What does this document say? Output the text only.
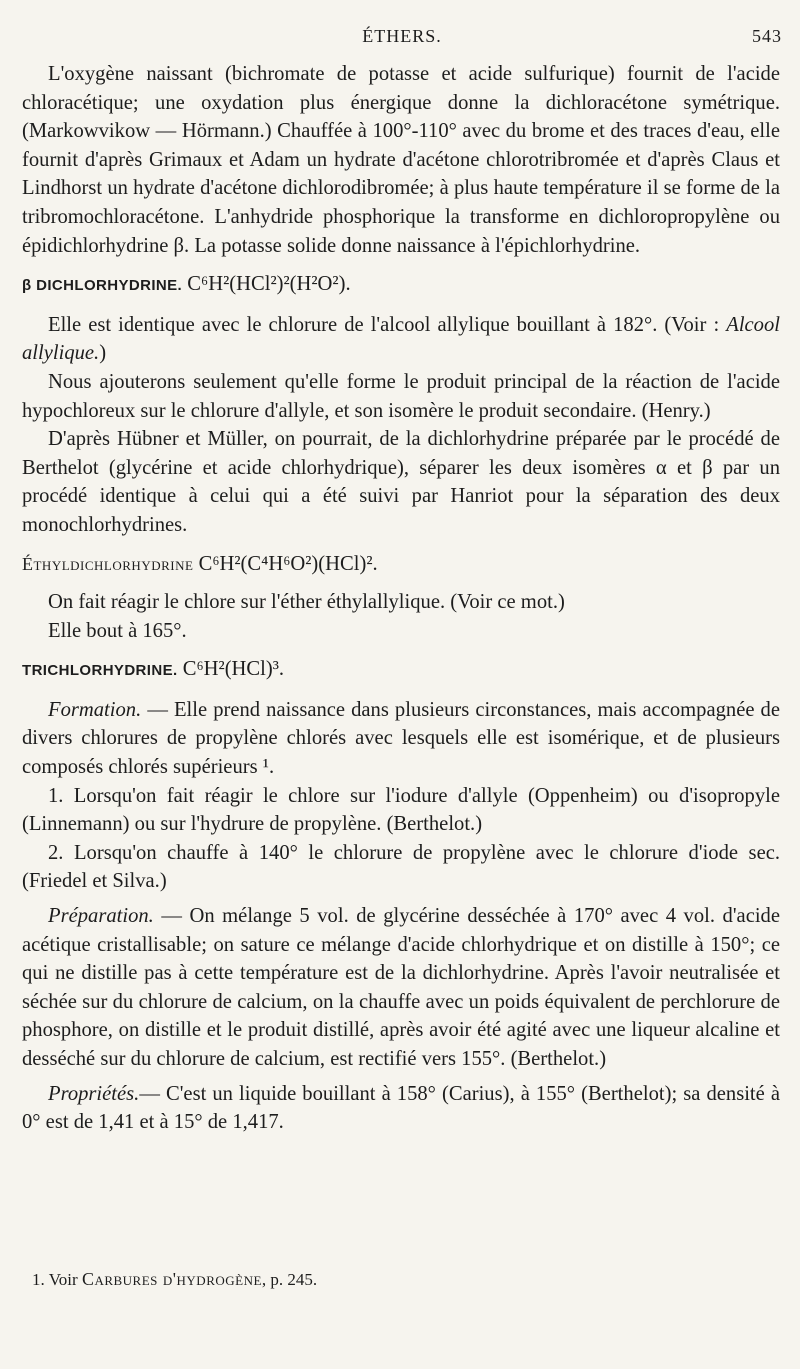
ÉTHERS.	543

L'oxygène naissant (bichromate de potasse et acide sulfurique) fournit de l'acide chloracétique; une oxydation plus énergique donne la dichloracétone symétrique. (Markowvikow — Hörmann.) Chauffée à 100°-110° avec du brome et des traces d'eau, elle fournit d'après Grimaux et Adam un hydrate d'acétone chlorotribromée et d'après Claus et Lindhorst un hydrate d'acétone dichlorodibromée; à plus haute température il se forme de la tribromochloracétone. L'anhydride phosphorique la transforme en dichloropropylène ou épidichlorhydrine β. La potasse solide donne naissance à l'épichlorhydrine.

β DICHLORHYDRINE. C⁶H²(HCl²)²(H²O²).

Elle est identique avec le chlorure de l'alcool allylique bouillant à 182°. (Voir : Alcool allylique.)

Nous ajouterons seulement qu'elle forme le produit principal de la réaction de l'acide hypochloreux sur le chlorure d'allyle, et son isomère le produit secondaire. (Henry.)

D'après Hübner et Müller, on pourrait, de la dichlorhydrine préparée par le procédé de Berthelot (glycérine et acide chlorhydrique), séparer les deux isomères α et β par un procédé identique à celui qui a été suivi par Hanriot pour la séparation des deux monochlorhydrines.

Éthyldichlorhydrine C⁶H²(C⁴H⁶O²)(HCl)².

On fait réagir le chlore sur l'éther éthylallylique. (Voir ce mot.)

Elle bout à 165°.

TRICHLORHYDRINE. C⁶H²(HCl)³.

Formation. — Elle prend naissance dans plusieurs circonstances, mais accompagnée de divers chlorures de propylène chlorés avec lesquels elle est isomérique, et de plusieurs composés chlorés supérieurs ¹.

1. Lorsqu'on fait réagir le chlore sur l'iodure d'allyle (Oppenheim) ou d'isopropyle (Linnemann) ou sur l'hydrure de propylène. (Berthelot.)

2. Lorsqu'on chauffe à 140° le chlorure de propylène avec le chlorure d'iode sec. (Friedel et Silva.)

Préparation. — On mélange 5 vol. de glycérine desséchée à 170° avec 4 vol. d'acide acétique cristallisable; on sature ce mélange d'acide chlorhydrique et on distille à 150°; ce qui ne distille pas à cette température est de la dichlorhydrine. Après l'avoir neutralisée et séchée sur du chlorure de calcium, on la chauffe avec un poids équivalent de perchlorure de phosphore, on distille et le produit distillé, après avoir été agité avec une liqueur alcaline et desséché sur du chlorure de calcium, est rectifié vers 155°. (Berthelot.)

Propriétés.— C'est un liquide bouillant à 158° (Carius), à 155° (Berthelot); sa densité à 0° est de 1,41 et à 15° de 1,417.

1. Voir Carbures d'hydrogène, p. 245.
